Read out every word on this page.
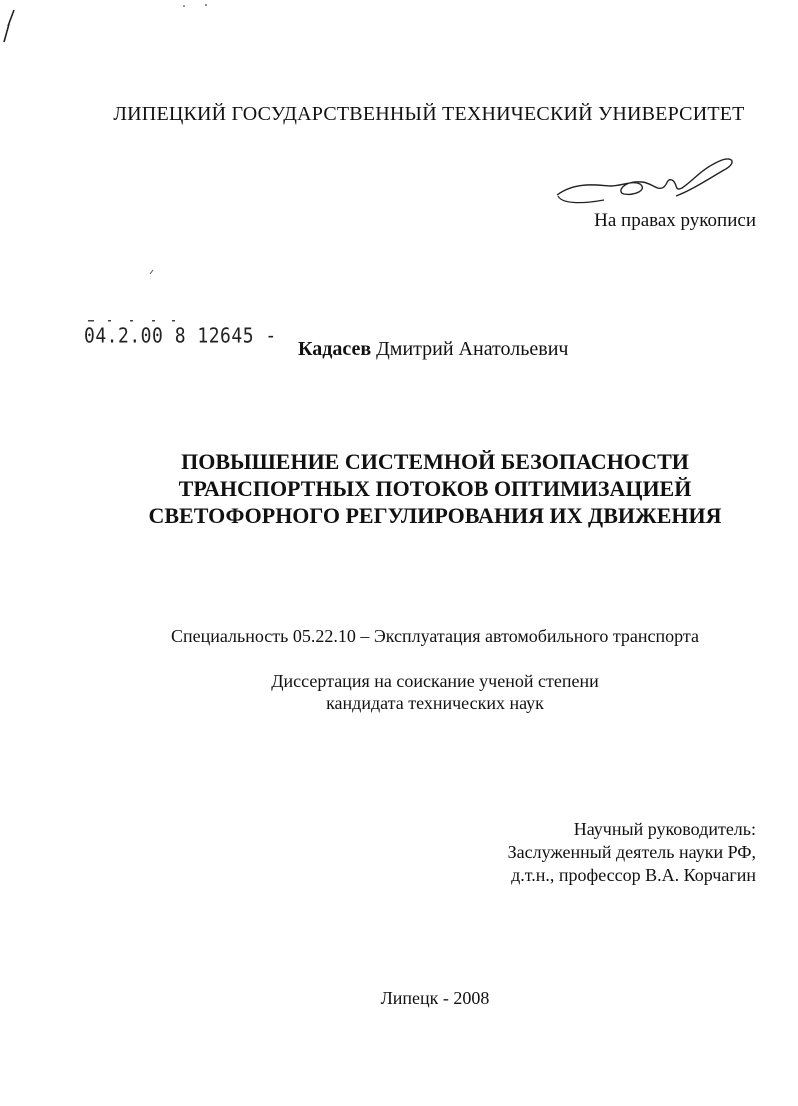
ЛИПЕЦКИЙ ГОСУДАРСТВЕННЫЙ ТЕХНИЧЕСКИЙ УНИВЕРСИТЕТ
На правах рукописи
04.2.00 8 12645 -
Кадасев Дмитрий Анатольевич
ПОВЫШЕНИЕ СИСТЕМНОЙ БЕЗОПАСНОСТИ
ТРАНСПОРТНЫХ ПОТОКОВ ОПТИМИЗАЦИЕЙ
СВЕТОФОРНОГО РЕГУЛИРОВАНИЯ ИХ ДВИЖЕНИЯ
Специальность 05.22.10 – Эксплуатация автомобильного транспорта
Диссертация на соискание ученой степени
кандидата технических наук
Научный руководитель:
Заслуженный деятель науки РФ,
д.т.н., профессор В.А. Корчагин
Липецк - 2008
